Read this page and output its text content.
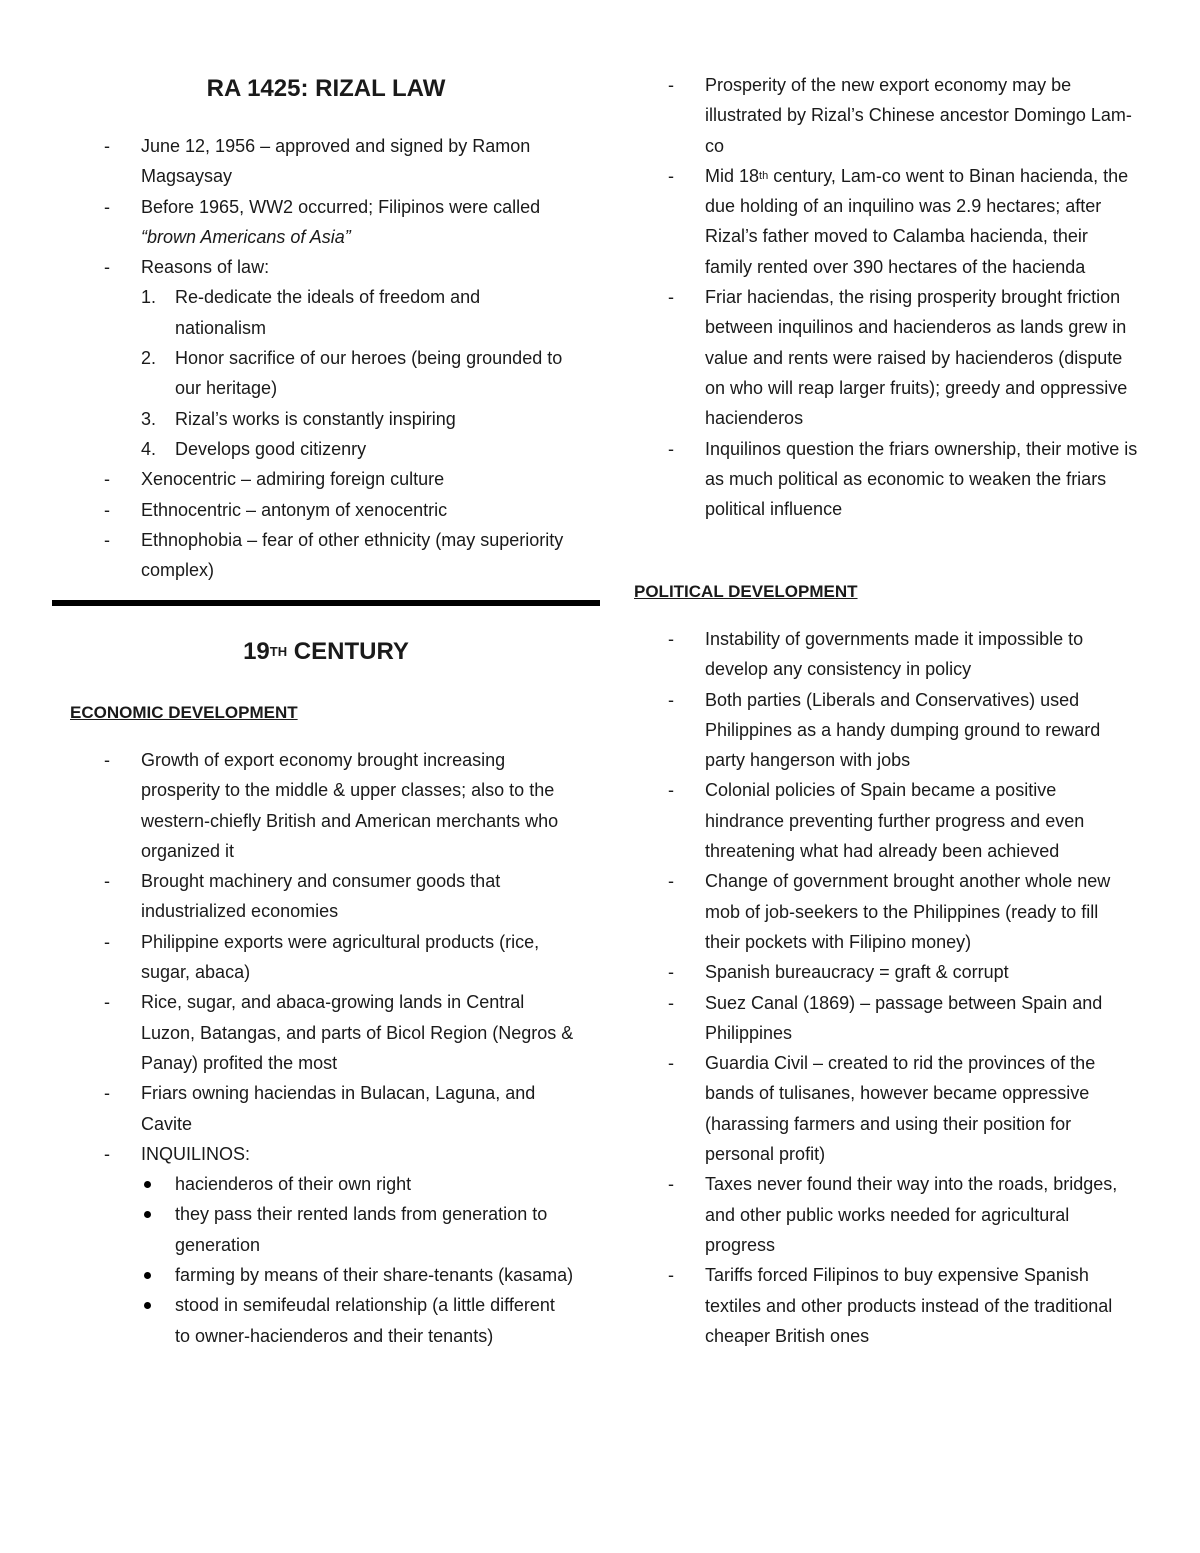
RA 1425: RIZAL LAW
- June 12, 1956 – approved and signed by Ramon Magsaysay
- Before 1965, WW2 occurred; Filipinos were called “brown Americans of Asia”
- Reasons of law:
1. Re-dedicate the ideals of freedom and nationalism
2. Honor sacrifice of our heroes (being grounded to our heritage)
3. Rizal’s works is constantly inspiring
4. Develops good citizenry
- Xenocentric – admiring foreign culture
- Ethnocentric – antonym of xenocentric
- Ethnophobia – fear of other ethnicity (may superiority complex)
19TH CENTURY

ECONOMIC DEVELOPMENT

- Growth of export economy brought increasing prosperity to the middle & upper classes; also to the western-chiefly British and American merchants who organized it
- Brought machinery and consumer goods that industrialized economies
- Philippine exports were agricultural products (rice, sugar, abaca)
- Rice, sugar, and abaca-growing lands in Central Luzon, Batangas, and parts of Bicol Region (Negros & Panay) profited the most
- Friars owning haciendas in Bulacan, Laguna, and Cavite
- INQUILINOS:
hacienderos of their own right
they pass their rented lands from generation to generation
farming by means of their share-tenants (kasama)
stood in semifeudal relationship (a little different to owner-hacienderos and their tenants)
- Prosperity of the new export economy may be illustrated by Rizal’s Chinese ancestor Domingo Lam-co
- Mid 18th century, Lam-co went to Binan hacienda, the due holding of an inquilino was 2.9 hectares; after Rizal’s father moved to Calamba hacienda, their family rented over 390 hectares of the hacienda
- Friar haciendas, the rising prosperity brought friction between inquilinos and hacienderos as lands grew in value and rents were raised by hacienderos (dispute on who will reap larger fruits); greedy and oppressive hacienderos
- Inquilinos question the friars ownership, their motive is as much political as economic to weaken the friars political influence

POLITICAL DEVELOPMENT

- Instability of governments made it impossible to develop any consistency in policy
- Both parties (Liberals and Conservatives) used Philippines as a handy dumping ground to reward party hangerson with jobs
- Colonial policies of Spain became a positive hindrance preventing further progress and even threatening what had already been achieved
- Change of government brought another whole new mob of job-seekers to the Philippines (ready to fill their pockets with Filipino money)
- Spanish bureaucracy = graft & corrupt
- Suez Canal (1869) – passage between Spain and Philippines
- Guardia Civil – created to rid the provinces of the bands of tulisanes, however became oppressive (harassing farmers and using their position for personal profit)
- Taxes never found their way into the roads, bridges, and other public works needed for agricultural progress
- Tariffs forced Filipinos to buy expensive Spanish textiles and other products instead of the traditional cheaper British ones
